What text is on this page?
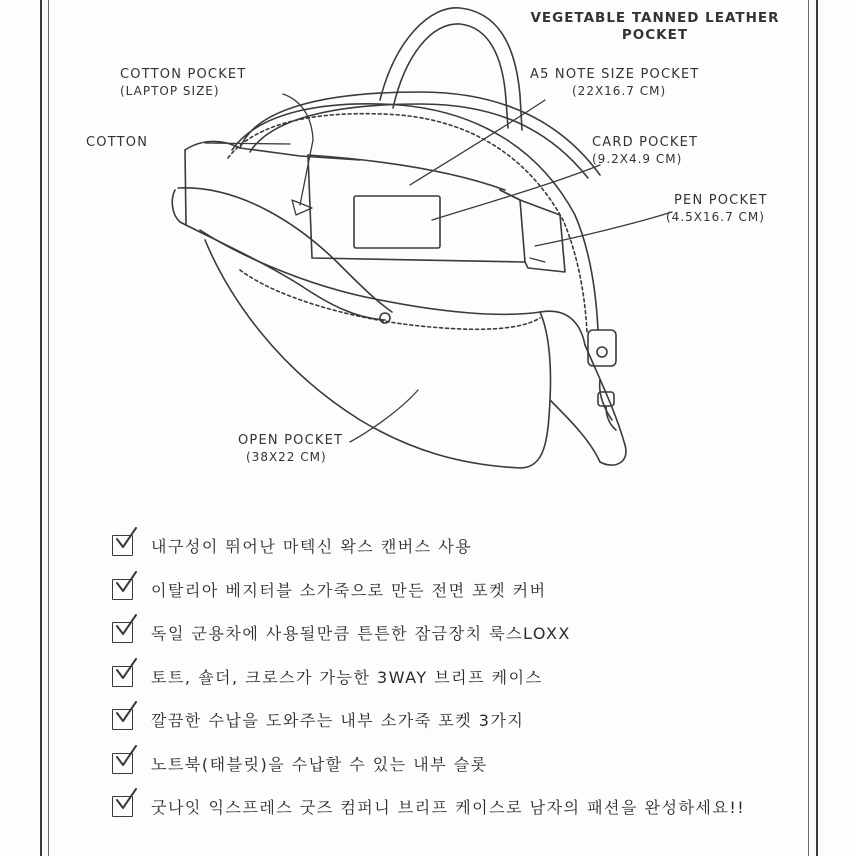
VEGETABLE TANNED LEATHER
POCKET
COTTON POCKET
(LAPTOP SIZE)
A5 NOTE SIZE POCKET
(22X16.7 CM)
COTTON	CARD POCKET
(9.2X4.9 CM)
PEN POCKET
(4.5X16.7 CM)
OPEN POCKET
(38X22 CM)
내구성이 뛰어난 마텍신 왁스 캔버스 사용
이탈리아 베지터블 소가죽으로 만든 전면 포켓 커버
독일 군용차에 사용될만큼 튼튼한 잠금장치 룩스LOXX
토트, 숄더, 크로스가 가능한 3WAY 브리프 케이스
깔끔한 수납을 도와주는 내부 소가죽 포켓 3가지
노트북(태블릿)을 수납할 수 있는 내부 슬롯
굿나잇 익스프레스 굿즈 컴퍼니 브리프 케이스로 남자의 패션을 완성하세요!!
